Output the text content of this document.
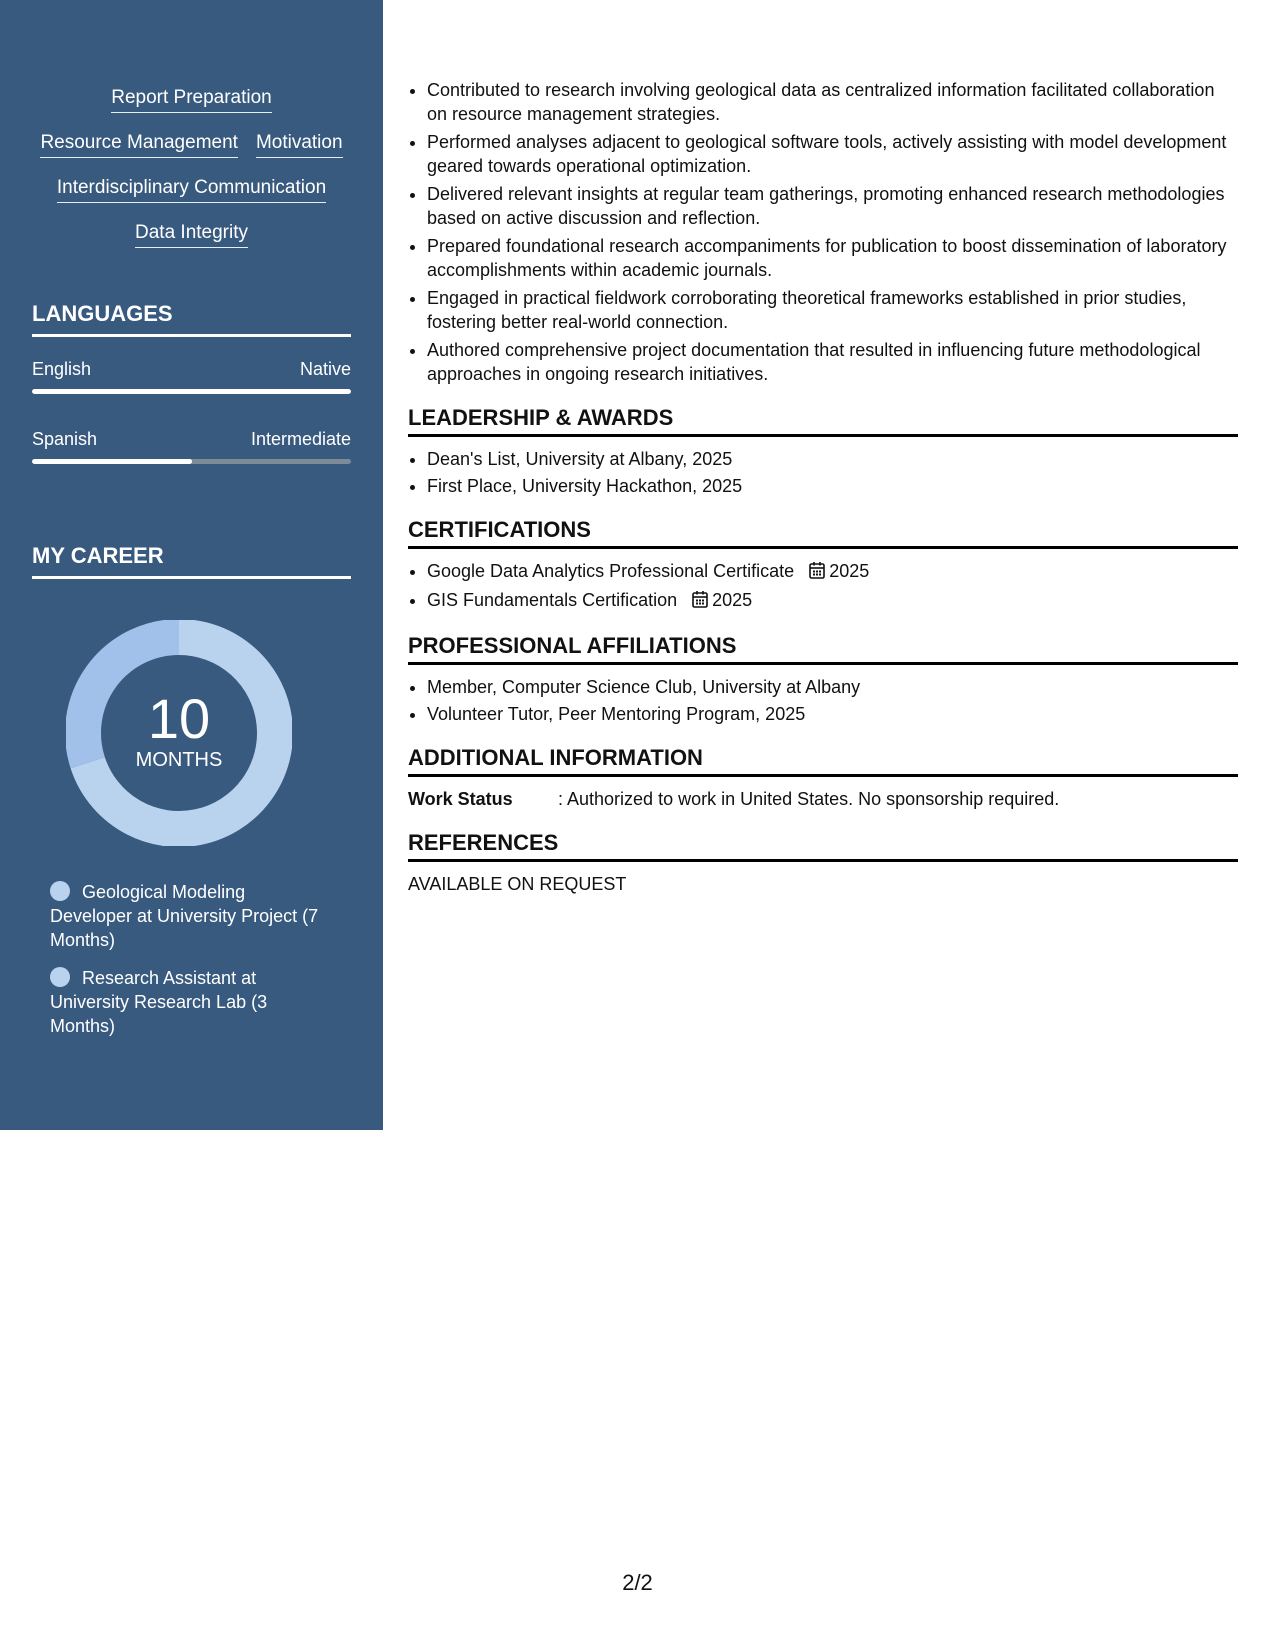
Report Preparation
Resource Management Motivation
Interdisciplinary Communication
Data Integrity
LANGUAGES
English	Native
Spanish	Intermediate
MY CAREER
10
MONTHS
Geological Modeling Developer at University Project (7 Months)
Research Assistant at University Research Lab (3 Months)
• Contributed to research involving geological data as centralized information facilitated collaboration on resource management strategies.
• Performed analyses adjacent to geological software tools, actively assisting with model development geared towards operational optimization.
• Delivered relevant insights at regular team gatherings, promoting enhanced research methodologies based on active discussion and reflection.
• Prepared foundational research accompaniments for publication to boost dissemination of laboratory accomplishments within academic journals.
• Engaged in practical fieldwork corroborating theoretical frameworks established in prior studies, fostering better real-world connection.
• Authored comprehensive project documentation that resulted in influencing future methodological approaches in ongoing research initiatives.
LEADERSHIP & AWARDS
• Dean's List, University at Albany, 2025
• First Place, University Hackathon, 2025
CERTIFICATIONS
• Google Data Analytics Professional Certificate 2025
• GIS Fundamentals Certification 2025
PROFESSIONAL AFFILIATIONS
• Member, Computer Science Club, University at Albany
• Volunteer Tutor, Peer Mentoring Program, 2025
ADDITIONAL INFORMATION
Work Status	: Authorized to work in United States. No sponsorship required.
REFERENCES
AVAILABLE ON REQUEST
2/2
